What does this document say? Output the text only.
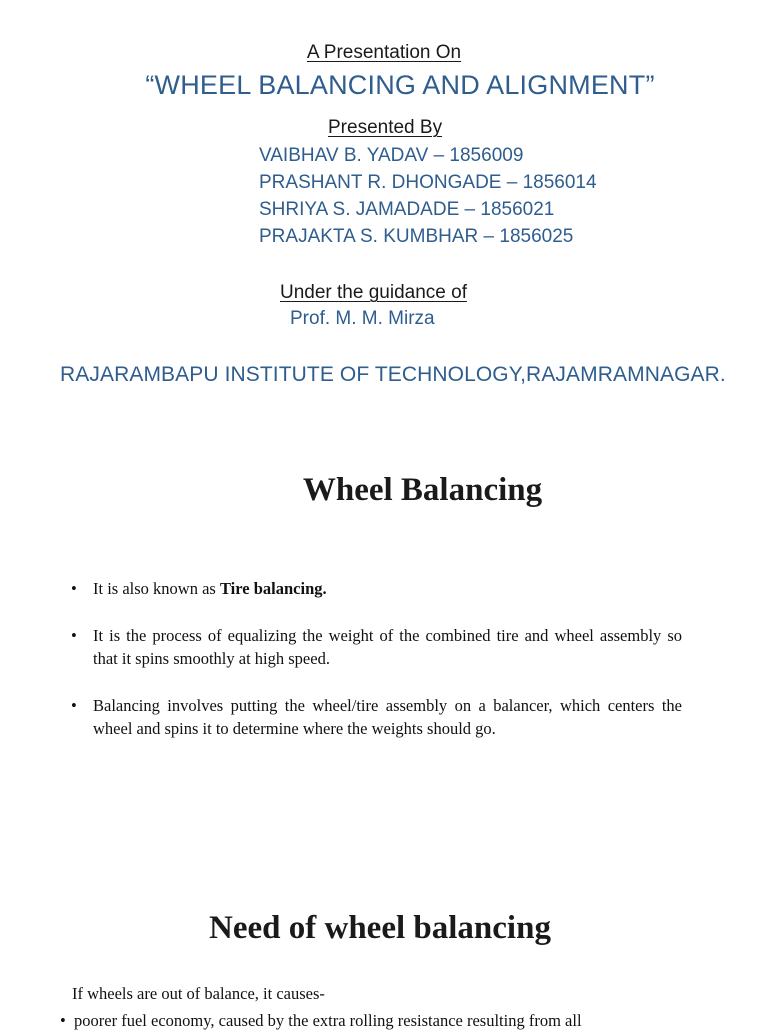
A Presentation On
“WHEEL BALANCING AND ALIGNMENT”
Presented By
VAIBHAV B. YADAV – 1856009
PRASHANT R. DHONGADE – 1856014
SHRIYA S. JAMADADE – 1856021
PRAJAKTA S. KUMBHAR – 1856025
Under the guidance of
Prof. M. M. Mirza
RAJARAMBAPU INSTITUTE OF TECHNOLOGY,RAJAMRAMNAGAR.
Wheel Balancing
• It is also known as Tire balancing.
• It is the process of equalizing the weight of the combined tire and wheel assembly so that it spins smoothly at high speed.
• Balancing involves putting the wheel/tire assembly on a balancer, which centers the wheel and spins it to determine where the weights should go.
Need of wheel balancing
If wheels are out of balance, it causes-
•  poorer fuel economy, caused by the extra rolling resistance resulting from all
